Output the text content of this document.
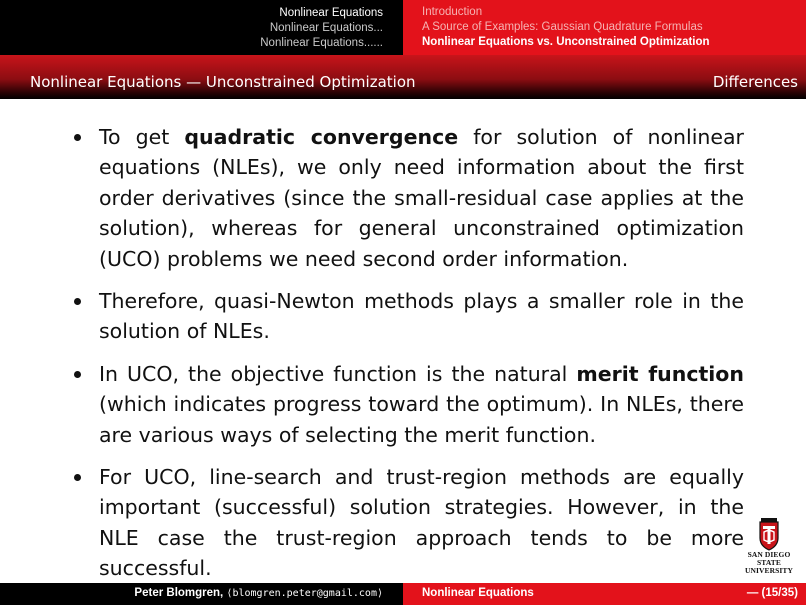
Nonlinear Equations
Nonlinear Equations...
Nonlinear Equations......
Introduction
A Source of Examples: Gaussian Quadrature Formulas
Nonlinear Equations vs. Unconstrained Optimization
Nonlinear Equations — Unconstrained Optimization	Differences
To get quadratic convergence for solution of nonlinear equations (NLEs), we only need information about the first order derivatives (since the small-residual case applies at the solution), whereas for general unconstrained optimization (UCO) problems we need second order information.
Therefore, quasi-Newton methods plays a smaller role in the solution of NLEs.
In UCO, the objective function is the natural merit function (which indicates progress toward the optimum). In NLEs, there are various ways of selecting the merit function.
For UCO, line-search and trust-region methods are equally important (successful) solution strategies. However, in the NLE case the trust-region approach tends to be more successful.
SAN DIEGO STATE
UNIVERSITY
Peter Blomgren, ⟨blomgren.peter@gmail.com⟩	Nonlinear Equations	— (15/35)
